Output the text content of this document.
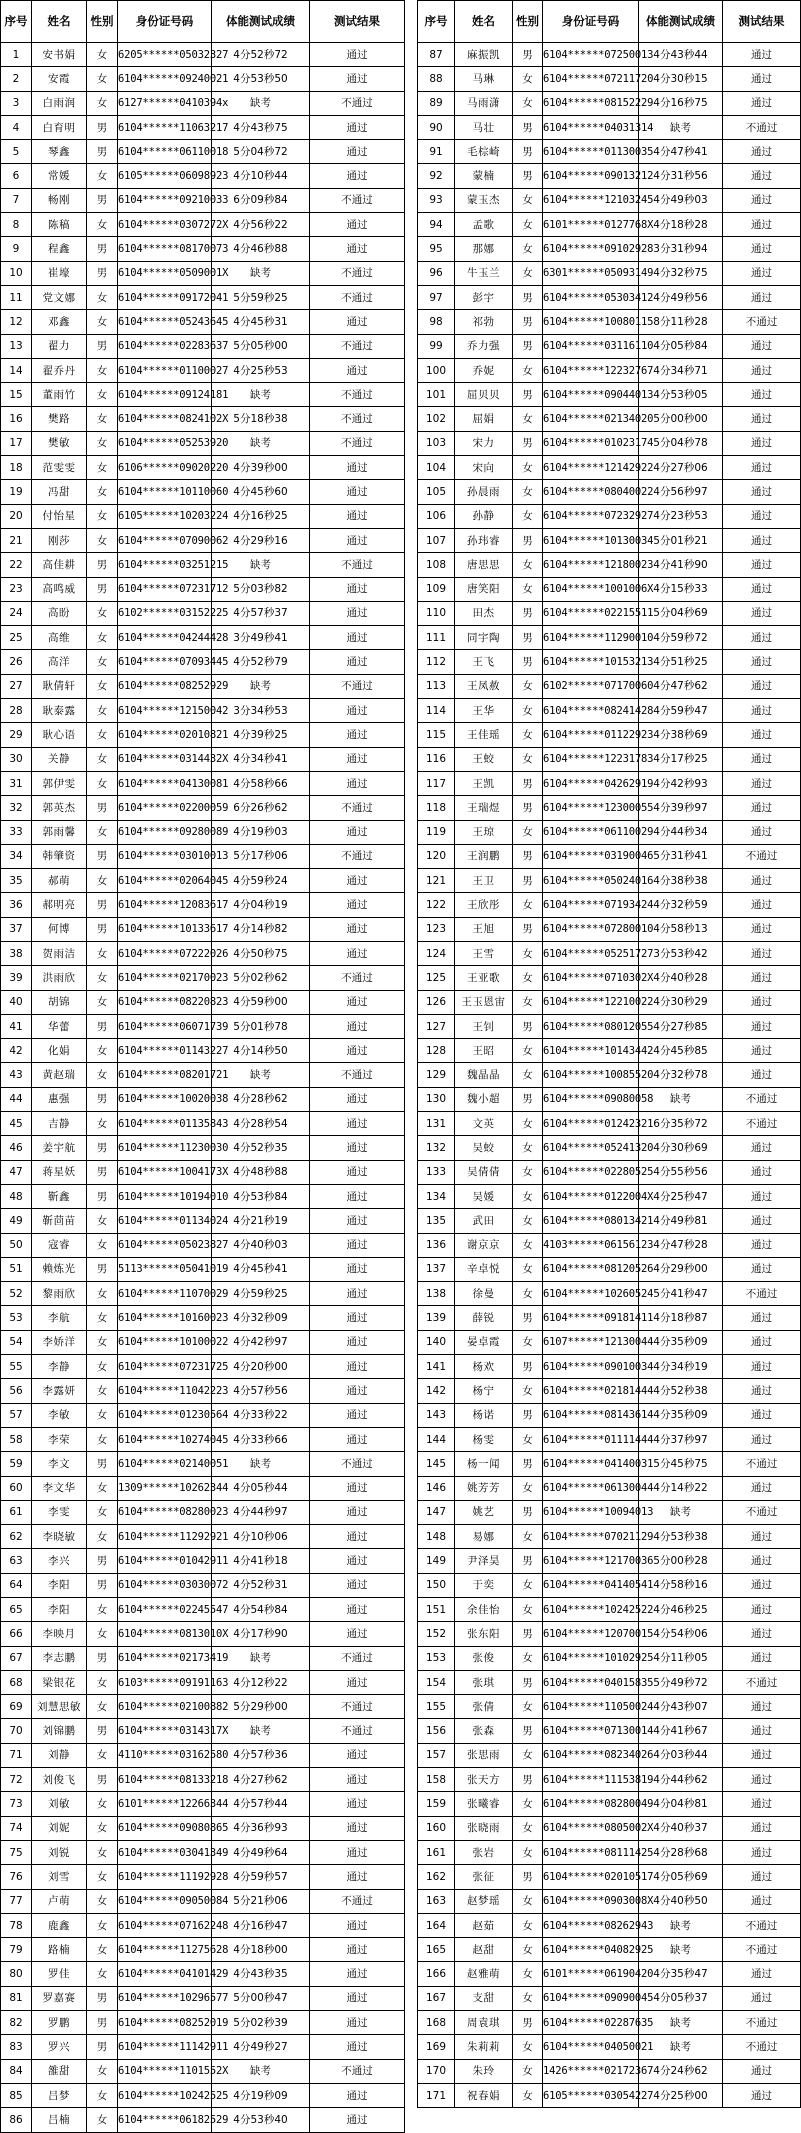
序号	姓名	性别	身份证号码	体能测试成绩	测试结果
1	安书娟	女	6205******05032327	4分52秒72	通过
2	安霞	女	6104******09240021	4分53秒50	通过
3	白雨润	女	6127******0410394x	缺考	不通过
4	白育明	男	6104******11063217	4分43秒75	通过
5	琴鑫	男	6104******06110018	5分04秒72	通过
6	常媛	女	6105******06098923	4分10秒44	通过
7	畅刚	男	6104******09210033	6分09秒84	不通过
8	陈稿	女	6104******0307272X	4分56秒22	通过
9	程鑫	男	6104******08170073	4分46秒88	通过
10	崔壕	男	6104******0509001X	缺考	不通过
11	党文娜	女	6104******09172041	5分59秒25	不通过
12	邓鑫	女	6104******05243645	4分45秒31	通过
13	翟力	男	6104******02283637	5分05秒00	不通过
14	翟乔丹	女	6104******01100027	4分25秒53	通过
15	董雨竹	女	6104******09124181	缺考	不通过
16	樊路	女	6104******0824102X	5分18秒38	不通过
17	樊敏	女	6104******05253920	缺考	不通过
18	范雯雯	女	6106******09020220	4分39秒00	通过
19	冯甜	女	6104******10110060	4分45秒60	通过
20	付怡星	女	6105******10203224	4分16秒25	通过
21	刚莎	女	6104******07090062	4分29秒16	通过
22	高佳耕	男	6104******03251215	缺考	不通过
23	高鸣威	男	6104******07231712	5分03秒82	通过
24	高盼	女	6102******03152225	4分57秒37	通过
25	高维	女	6104******04244428	3分49秒41	通过
26	高洋	女	6104******07093445	4分52秒79	通过
27	耿倩轩	女	6104******08252929	缺考	不通过
28	耿泰露	女	6104******12150042	3分34秒53	通过
29	耿心语	女	6104******02010821	4分39秒25	通过
30	关静	女	6104******0314432X	4分34秒41	通过
31	郭伊雯	女	6104******04130081	4分58秒66	通过
32	郭英杰	男	6104******02200059	6分26秒62	不通过
33	郭雨馨	女	6104******09280089	4分19秒03	通过
34	韩肇资	男	6104******03010013	5分17秒06	不通过
35	郝萌	女	6104******02064045	4分59秒24	通过
36	郝明亮	男	6104******12083617	4分04秒19	通过
37	何博	男	6104******10133617	4分14秒82	通过
38	贺雨洁	女	6104******07222026	4分50秒75	通过
39	洪雨欣	女	6104******02170023	5分02秒62	不通过
40	胡锦	女	6104******08220823	4分59秒00	通过
41	华蕾	男	6104******06071739	5分01秒78	通过
42	化娟	女	6104******01143227	4分14秒50	通过
43	黄赵瑞	女	6104******08201721	缺考	不通过
44	惠强	男	6104******10020038	4分28秒62	通过
45	吉静	女	6104******01135843	4分28秒54	通过
46	姜宇航	男	6104******11230030	4分52秒35	通过
47	蒋星妖	男	6104******1004173X	4分48秒88	通过
48	靳鑫	男	6104******10194010	4分53秒84	通过
49	靳茴苗	女	6104******01134024	4分21秒19	通过
50	寇睿	女	6104******05023827	4分40秒03	通过
51	赖炼光	男	5113******05041019	4分45秒41	通过
52	黎雨欣	女	6104******11070029	4分59秒25	通过
53	李航	女	6104******10160023	4分32秒09	通过
54	李娇洋	女	6104******10100022	4分42秒97	通过
55	李静	女	6104******07231725	4分20秒00	通过
56	李露妍	女	6104******11042223	4分57秒56	通过
57	李敏	女	6104******01230564	4分33秒22	通过
58	李荣	女	6104******10274045	4分33秒66	通过
59	李文	男	6104******02140051	缺考	不通过
60	李文华	女	1309******10262344	4分05秒44	通过
61	李雯	女	6104******08280023	4分44秒97	通过
62	李晓敏	女	6104******11292921	4分10秒06	通过
63	李兴	男	6104******01042911	4分41秒18	通过
64	李阳	男	6104******03030072	4分52秒31	通过
65	李阳	女	6104******02245547	4分54秒84	通过
66	李映月	女	6104******0813010X	4分17秒90	通过
67	李志鹏	男	6104******02173419	缺考	不通过
68	梁银花	女	6103******09191163	4分12秒22	通过
69	刘慧思敏	女	6104******02100882	5分29秒00	不通过
70	刘锦鹏	男	6104******0314317X	缺考	不通过
71	刘静	女	4110******03162580	4分57秒36	通过
72	刘俊飞	男	6104******08133218	4分27秒62	通过
73	刘敏	女	6101******12266344	4分57秒44	通过
74	刘妮	女	6104******09080865	4分36秒93	通过
75	刘锐	女	6104******03041349	4分49秒64	通过
76	刘雪	女	6104******11192928	4分59秒57	通过
77	卢萌	女	6104******09050084	5分21秒06	不通过
78	鹿鑫	女	6104******07162248	4分16秒47	通过
79	路楠	女	6104******11275628	4分18秒00	通过
80	罗佳	女	6104******04101429	4分43秒35	通过
81	罗嘉赛	男	6104******10296577	5分00秒47	通过
82	罗鹏	男	6104******08252019	5分02秒39	通过
83	罗兴	男	6104******11142911	4分49秒27	通过
84	雒甜	女	6104******1101552X	缺考	不通过
85	吕梦	女	6104******10242525	4分19秒09	通过
86	吕楠	女	6104******06182529	4分53秒40	通过
序号	姓名	性别	身份证号码	体能测试成绩	测试结果
87	麻振凯	男	6104******07250013	4分43秒44	通过
88	马琳	女	6104******07211720	4分30秒15	通过
89	马雨潇	女	6104******08152229	4分16秒75	通过
90	马壮	男	6104******04031314	缺考	不通过
91	毛棕崎	男	6104******01130035	4分47秒41	通过
92	蒙楠	男	6104******09013212	4分31秒56	通过
93	蒙玉杰	女	6104******12103245	4分49秒03	通过
94	孟歌	女	6101******0127768X	4分18秒28	通过
95	那娜	女	6104******09102928	3分31秒94	通过
96	牛玉兰	女	6301******05093149	4分32秒75	通过
97	彭宇	男	6104******05303412	4分49秒56	通过
98	祁勃	男	6104******10080115	8分11秒28	不通过
99	乔力强	男	6104******03116110	4分05秒84	通过
100	乔妮	女	6104******12232767	4分34秒71	通过
101	屈贝贝	男	6104******09044013	4分53秒05	通过
102	屈娟	女	6104******02134020	5分00秒00	通过
103	宋力	男	6104******01023174	5分04秒78	通过
104	宋向	女	6104******12142922	4分27秒06	通过
105	孙晨雨	女	6104******08040022	4分56秒97	通过
106	孙静	女	6104******07232927	4分23秒53	通过
107	孙玮睿	男	6104******10130034	5分01秒21	通过
108	唐思思	女	6104******12180023	4分41秒90	通过
109	唐笑阳	女	6104******1001006X	4分15秒33	通过
110	田杰	男	6104******02215511	5分04秒69	通过
111	同宇陶	男	6104******11290010	4分59秒72	通过
112	王飞	男	6104******10153213	4分51秒25	通过
113	王凤赦	女	6102******07170060	4分47秒62	通过
114	王华	女	6104******08241428	4分59秒47	通过
115	王佳瑶	女	6104******01122923	4分38秒69	通过
116	王蛟	女	6104******12231783	4分17秒25	通过
117	王凯	男	6104******04262919	4分42秒93	通过
118	王瑞煜	男	6104******12300055	4分39秒97	通过
119	王琼	女	6104******06110029	4分44秒34	通过
120	王润鹏	男	6104******03190046	5分31秒41	不通过
121	王卫	男	6104******05024016	4分38秒38	通过
122	王欣彤	女	6104******07193424	4分32秒59	通过
123	王旭	男	6104******07280010	4分58秒13	通过
124	王雪	女	6104******05251727	3分53秒42	通过
125	王亚歌	女	6104******0710302X	4分40秒28	通过
126	王玉恩宙	女	6104******12210022	4分30秒29	通过
127	王钊	男	6104******08012055	4分27秒85	通过
128	王昭	女	6104******10143442	4分45秒85	通过
129	魏晶晶	女	6104******10085520	4分32秒78	通过
130	魏小超	男	6104******09080058	缺考	不通过
131	文英	女	6104******01242321	6分35秒72	不通过
132	吴蛟	女	6104******05241320	4分30秒69	通过
133	吴倩倩	女	6104******02280525	4分55秒56	通过
134	吴媛	女	6104******0122004X	4分25秒47	通过
135	武田	女	6104******08013421	4分49秒81	通过
136	谢京京	女	4103******06156123	4分47秒28	通过
137	辛卓悦	女	6104******08120526	4分29秒00	通过
138	徐曼	女	6104******10260524	5分41秒47	不通过
139	薛锐	男	6104******09181411	4分18秒87	通过
140	晏卓霞	女	6107******12130044	4分35秒09	通过
141	杨欢	男	6104******09010034	4分34秒19	通过
142	杨宁	女	6104******02181444	4分52秒38	通过
143	杨诺	男	6104******08143614	4分35秒09	通过
144	杨雯	女	6104******01111444	4分37秒97	通过
145	杨一闻	男	6104******04140031	5分45秒75	不通过
146	姚芳芳	女	6104******06130044	4分14秒22	通过
147	姚艺	男	6104******10094013	缺考	不通过
148	易娜	女	6104******07021129	4分53秒38	通过
149	尹泽昊	男	6104******12170036	5分00秒28	通过
150	于奕	女	6104******04140541	4分58秒16	通过
151	余佳怡	女	6104******10242522	4分46秒25	通过
152	张东阳	男	6104******12070015	4分54秒06	通过
153	张俊	女	6104******10102925	4分11秒05	通过
154	张琪	男	6104******04015835	5分49秒72	不通过
155	张倩	女	6104******11050024	4分43秒07	通过
156	张森	男	6104******07130014	4分41秒67	通过
157	张思雨	女	6104******08234026	4分03秒44	通过
158	张天方	男	6104******11153819	4分44秒62	通过
159	张曦睿	女	6104******08280049	4分04秒81	通过
160	张晓雨	女	6104******0805002X	4分40秒37	通过
161	张岩	女	6104******08111425	4分28秒68	通过
162	张征	男	6104******02010517	4分05秒69	通过
163	赵梦瑶	女	6104******0903008X	4分40秒50	通过
164	赵茹	女	6104******08262943	缺考	不通过
165	赵甜	女	6104******04082925	缺考	不通过
166	赵雅萌	女	6101******06190420	4分35秒47	通过
167	支甜	女	6104******09090045	4分05秒37	通过
168	周袁琪	男	6104******02287635	缺考	不通过
169	朱莉莉	女	6104******04050021	缺考	不通过
170	朱玲	女	1426******02172367	4分24秒62	通过
171	祝春娟	女	6105******03054227	4分25秒00	通过
